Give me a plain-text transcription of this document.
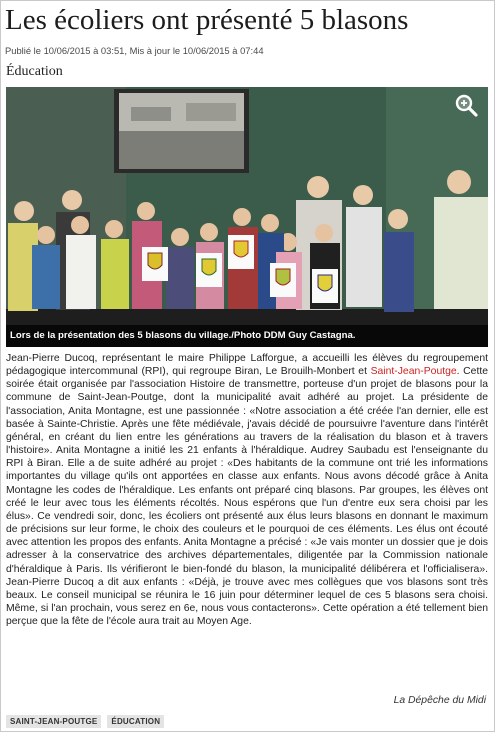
Les écoliers ont présenté 5 blasons
Publié le 10/06/2015 à 03:51, Mis à jour le 10/06/2015 à 07:44
Éducation
Lors de la présentation des 5 blasons du village./Photo DDM Guy Castagna.

Jean-Pierre Ducoq, représentant le maire Philippe Lafforgue, a accueilli les élèves du regroupement pédagogique intercommunal (RPI), qui regroupe Biran, Le Brouilh-Monbert et Saint-Jean-Poutge. Cette soirée était organisée par l'association Histoire de transmettre, porteuse d'un projet de blasons pour la commune de Saint-Jean-Poutge, dont la municipalité avait adhéré au projet. La présidente de l'association, Anita Montagne, est une passionnée : «Notre association a été créée l'an dernier, elle est basée à Sainte-Christie. Après une fête médiévale, j'avais décidé de poursuivre l'aventure dans l'intérêt général, en créant du lien entre les générations au travers de la réalisation du blason et à travers l'histoire». Anita Montagne a initié les 21 enfants à l'héraldique. Audrey Saubadu est l'enseignante du RPI à Biran. Elle a de suite adhéré au projet : «Des habitants de la commune ont trié les informations importantes du village qu'ils ont apportées en classe aux enfants. Nous avons décodé grâce à Anita Montagne les codes de l'héraldique. Les enfants ont préparé cinq blasons. Par groupes, les élèves ont créé le leur avec tous les éléments récoltés. Nous espérons que l'un d'entre eux sera choisi par les élus». Ce vendredi soir, donc, les écoliers ont présenté aux élus leurs blasons en donnant le maximum de précisions sur leur forme, le choix des couleurs et le pourquoi de ces éléments. Les élus ont écouté avec attention les propos des enfants. Anita Montagne a précisé : «Je vais monter un dossier que je dois adresser à la conservatrice des archives départementales, diligentée par la Commission nationale d'héraldique à Paris. Ils vérifieront le bien-fondé du blason, la municipalité délibérera et l'officialisera». Jean-Pierre Ducoq a dit aux enfants : «Déjà, je trouve avec mes collègues que vos blasons sont très beaux. Le conseil municipal se réunira le 16 juin pour déterminer lequel de ces 5 blasons sera choisi. Même, si l'an prochain, vous serez en 6e, nous vous contacterons». Cette opération a été tellement bien perçue que la fête de l'école aura trait au Moyen Age.

La Dépêche du Midi
SAINT-JEAN-POUTGE	ÉDUCATION
